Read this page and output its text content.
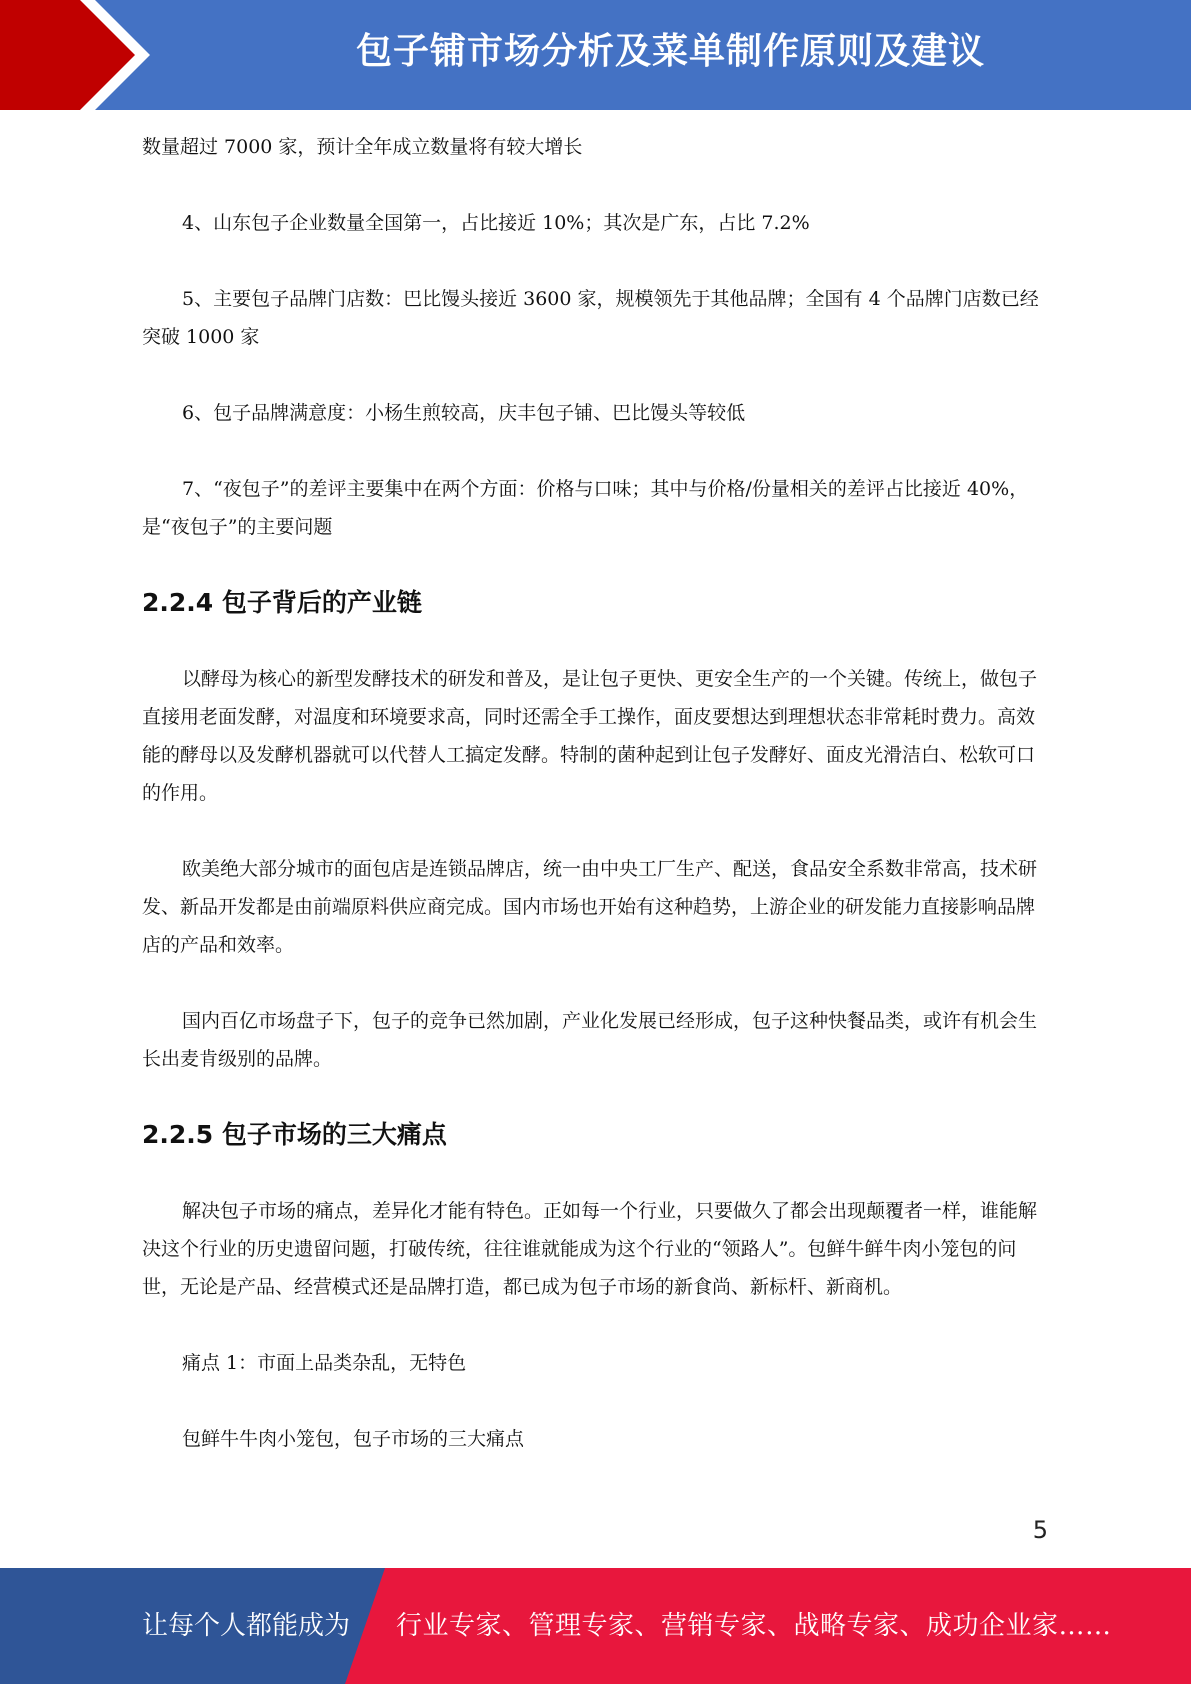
包子铺市场分析及菜单制作原则及建议

数量超过 7000 家，预计全年成立数量将有较大增长

4、山东包子企业数量全国第一，占比接近 10%；其次是广东，占比 7.2%

5、主要包子品牌门店数：巴比馒头接近 3600 家，规模领先于其他品牌；全国有 4 个品牌门店数已经突破 1000 家

6、包子品牌满意度：小杨生煎较高，庆丰包子铺、巴比馒头等较低

7、“夜包子”的差评主要集中在两个方面：价格与口味；其中与价格/份量相关的差评占比接近 40%，是“夜包子”的主要问题

2.2.4 包子背后的产业链

以酵母为核心的新型发酵技术的研发和普及，是让包子更快、更安全生产的一个关键。传统上，做包子直接用老面发酵，对温度和环境要求高，同时还需全手工操作，面皮要想达到理想状态非常耗时费力。高效能的酵母以及发酵机器就可以代替人工搞定发酵。特制的菌种起到让包子发酵好、面皮光滑洁白、松软可口的作用。

欧美绝大部分城市的面包店是连锁品牌店，统一由中央工厂生产、配送，食品安全系数非常高，技术研发、新品开发都是由前端原料供应商完成。国内市场也开始有这种趋势，上游企业的研发能力直接影响品牌店的产品和效率。

国内百亿市场盘子下，包子的竞争已然加剧，产业化发展已经形成，包子这种快餐品类，或许有机会生长出麦肯级别的品牌。

2.2.5 包子市场的三大痛点

解决包子市场的痛点，差异化才能有特色。正如每一个行业，只要做久了都会出现颠覆者一样，谁能解决这个行业的历史遗留问题，打破传统，往往谁就能成为这个行业的“领路人”。包鲜牛鲜牛肉小笼包的问世，无论是产品、经营模式还是品牌打造，都已成为包子市场的新食尚、新标杆、新商机。

痛点 1：市面上品类杂乱，无特色

包鲜牛牛肉小笼包，包子市场的三大痛点

5
让每个人都能成为 行业专家、管理专家、营销专家、战略专家、成功企业家……
